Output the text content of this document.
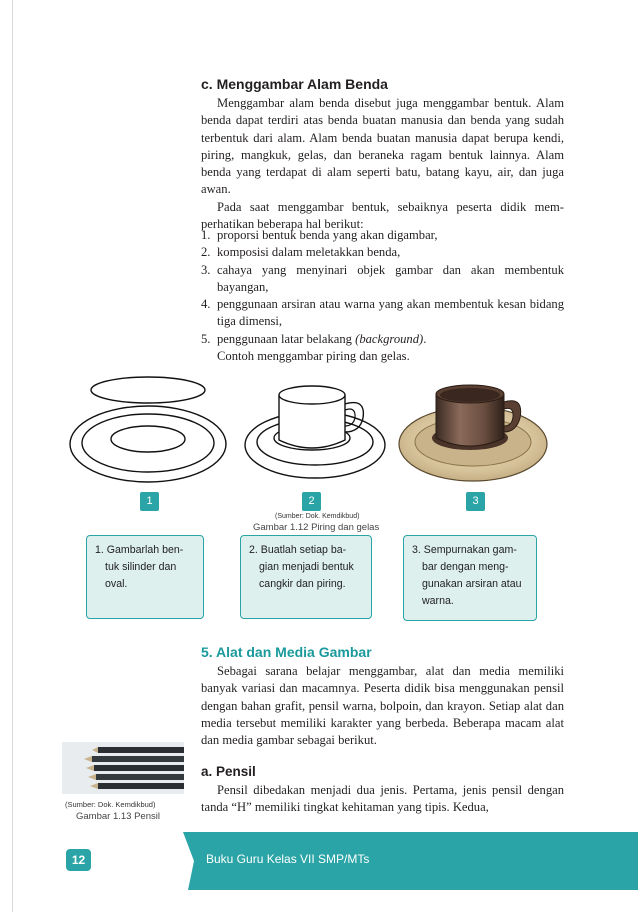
c. Menggambar Alam Benda

Menggambar alam benda disebut juga menggambar bentuk. Alam benda dapat terdiri atas benda buatan manusia dan benda yang sudah terbentuk dari alam. Alam benda buatan manusia dapat berupa kendi, piring, mangkuk, gelas, dan beraneka ragam bentuk lainnya. Alam benda yang terdapat di alam seperti batu, batang kayu, air, dan juga awan.

Pada saat menggambar bentuk, sebaiknya peserta didik mem-perhatikan beberapa hal berikut:

1. proporsi bentuk benda yang akan digambar,
2. komposisi dalam meletakkan benda,
3. cahaya yang menyinari objek gambar dan akan membentuk bayangan,
4. penggunaan arsiran atau warna yang akan membentuk kesan bidang tiga dimensi,
5. penggunaan latar belakang (background).
Contoh menggambar piring dan gelas.
1	2	3
(Sumber: Dok. Kemdikbud)
Gambar 1.12 Piring dan gelas
1. Gambarlah ben-tuk silinder dan oval.
2. Buatlah setiap ba-gian menjadi bentuk cangkir dan piring.
3. Sempurnakan gam-bar dengan meng-gunakan arsiran atau warna.
5. Alat dan Media Gambar

Sebagai sarana belajar menggambar, alat dan media memiliki banyak variasi dan macamnya. Peserta didik bisa menggunakan pensil dengan bahan grafit, pensil warna, bolpoin, dan krayon. Setiap alat dan media tersebut memiliki karakter yang berbeda. Beberapa macam alat dan media gambar sebagai berikut.

(Sumber: Dok. Kemdikbud)
Gambar 1.13 Pensil
a. Pensil

Pensil dibedakan menjadi dua jenis. Pertama, jenis pensil dengan tanda “H” memiliki tingkat kehitaman yang tipis. Kedua,

12	Buku Guru Kelas VII SMP/MTs
